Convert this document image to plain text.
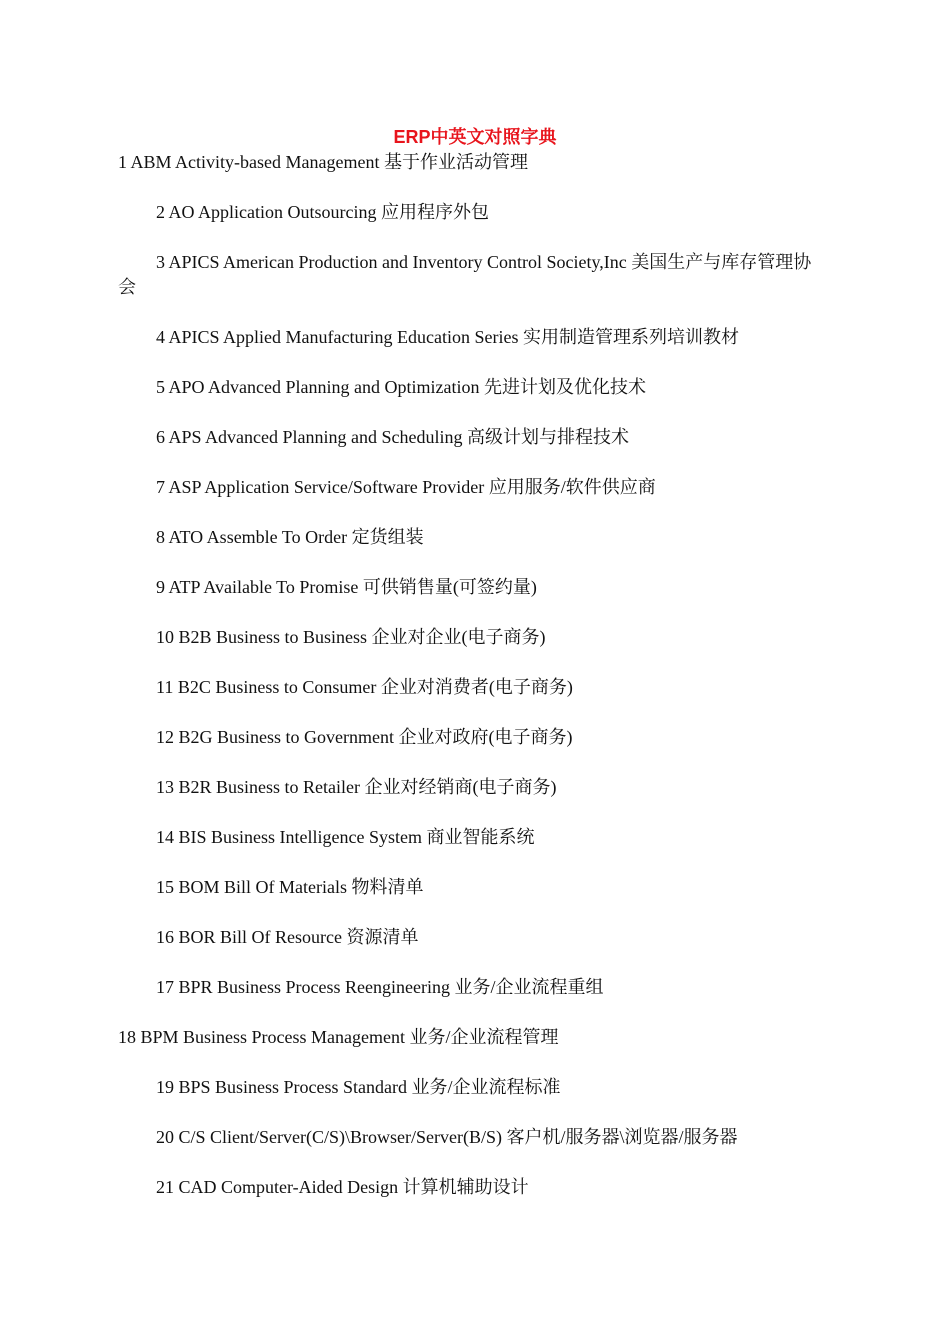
ERP中英文对照字典
1 ABM Activity-based Management 基于作业活动管理
2 AO Application Outsourcing 应用程序外包
3 APICS American Production and Inventory Control Society,Inc 美国生产与库存管理协会
4 APICS Applied Manufacturing Education Series 实用制造管理系列培训教材
5 APO Advanced Planning and Optimization 先进计划及优化技术
6 APS Advanced Planning and Scheduling 高级计划与排程技术
7 ASP Application Service/Software Provider 应用服务/软件供应商
8 ATO Assemble To Order 定货组装
9 ATP Available To Promise 可供销售量(可签约量)
10 B2B Business to Business 企业对企业(电子商务)
11 B2C Business to Consumer 企业对消费者(电子商务)
12 B2G Business to Government 企业对政府(电子商务)
13 B2R Business to Retailer 企业对经销商(电子商务)
14 BIS Business Intelligence System 商业智能系统
15 BOM Bill Of Materials 物料清单
16 BOR Bill Of Resource 资源清单
17 BPR Business Process Reengineering 业务/企业流程重组
18 BPM Business Process Management 业务/企业流程管理
19 BPS Business Process Standard 业务/企业流程标准
20 C/S Client/Server(C/S)\Browser/Server(B/S) 客户机/服务器\浏览器/服务器
21 CAD Computer-Aided Design 计算机辅助设计
